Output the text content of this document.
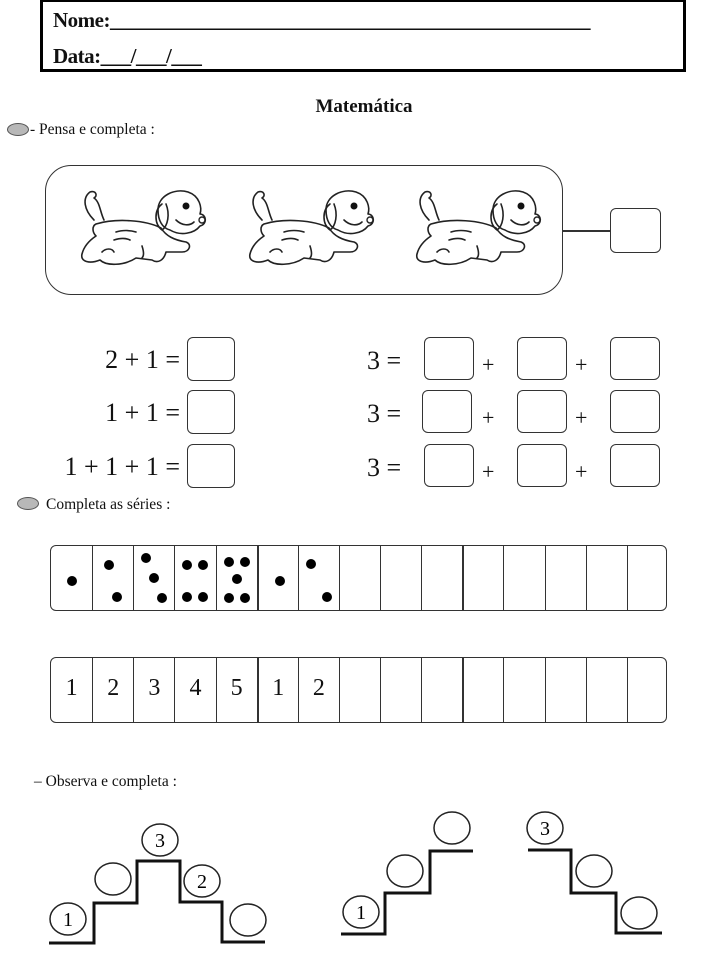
Nome:________________________________________________
Data:___/___/___
Matemática
- Pensa e completa :
2 + 1 =
1 + 1 =
1 + 1 + 1 =
3 =	+	+
3 =	+	+
3 =	+	+
Completa as séries :
1	2	3	4	5	1	2
– Observa e completa :
1
3
2
1
3
